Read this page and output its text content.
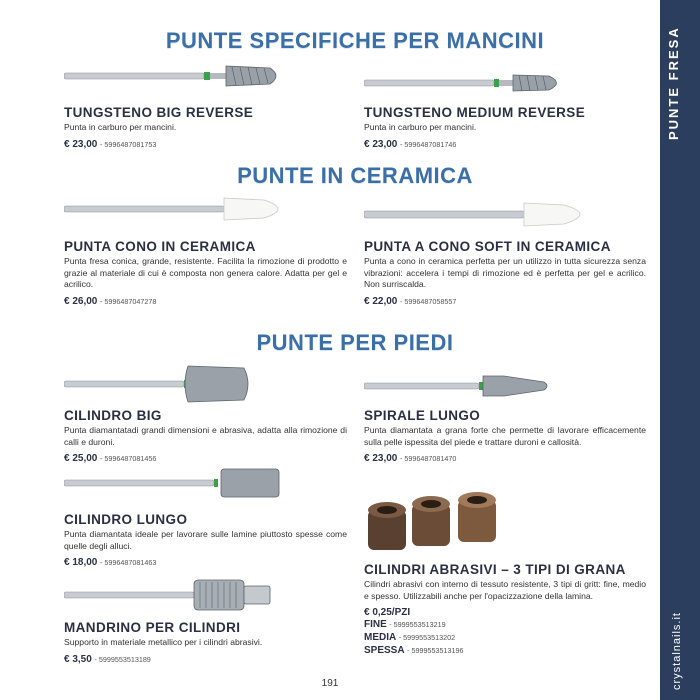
PUNTE FRESA
crystalnails.it
PUNTE SPECIFICHE PER MANCINI
PUNTE IN CERAMICA
PUNTE PER PIEDI
TUNGSTENO BIG REVERSE
Punta in carburo per mancini.
€ 23,00 - 5996487081753
TUNGSTENO MEDIUM REVERSE
Punta in carburo per mancini.
€ 23,00 - 5996487081746
PUNTA CONO IN CERAMICA
Punta fresa conica, grande, resistente. Facilita la rimozione di prodotto e grazie al materiale di cui è composta non genera calore. Adatta per gel e acrilico.
€ 26,00 - 5996487047278
PUNTA A CONO SOFT IN CERAMICA
Punta a cono in ceramica perfetta per un utilizzo in tutta sicurezza senza vibrazioni: accelera i tempi di rimozione ed è perfetta per gel e acrilico. Non surriscalda.
€ 22,00 - 5996487058557
CILINDRO BIG
Punta diamantatadi grandi dimensioni e abrasiva, adatta alla rimozione di calli e duroni.
€ 25,00 - 5996487081456
SPIRALE LUNGO
Punta diamantata a grana forte che permette di lavorare efficacemente sulla pelle ispessita del piede e trattare duroni e callosità.
€ 23,00 - 5996487081470
CILINDRO LUNGO
Punta diamantata ideale per lavorare sulle lamine piuttosto spesse come quelle degli alluci.
€ 18,00 - 5996487081463
MANDRINO PER CILINDRI
Supporto in materiale metallico per i cilindri abrasivi.
€ 3,50 - 5999553513189
CILINDRI ABRASIVI – 3 TIPI DI GRANA
Cilindri abrasivi con interno di tessuto resistente, 3 tipi di gritt: fine, medio e spesso. Utilizzabili anche per l'opacizzazione della lamina.
€ 0,25/PZI
FINE - 5999553513219
MEDIA - 5999553513202
SPESSA - 5999553513196
191
